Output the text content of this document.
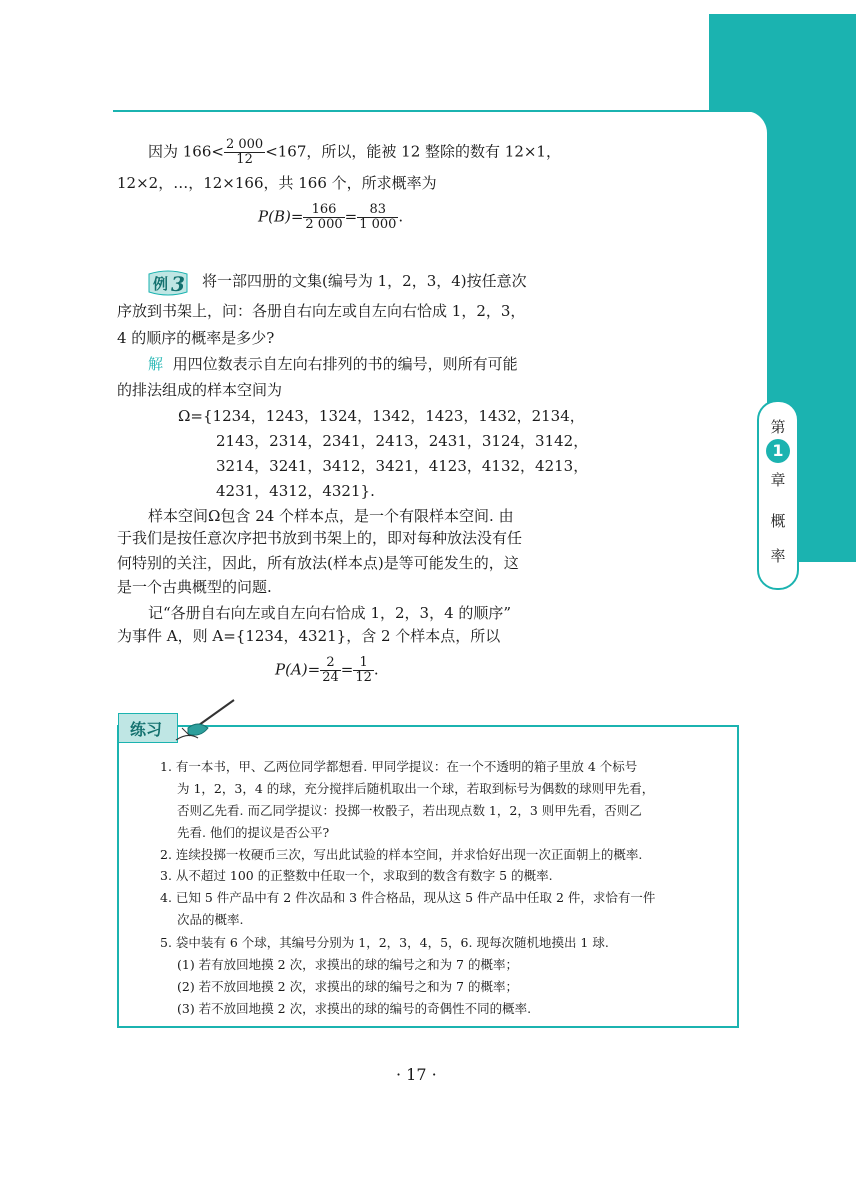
第
1
章
概
率
因为 $166< \frac{2 000}{12} <167$，所以，能被 12 整除的数有 12×1，
12×2，…，12×166，共 166 个，所求概率为
$P(B)= \frac{166}{2 000} = \frac{83}{1 000}$ .
例 3 将一部四册的文集(编号为 1，2，3，4)按任意次
序放到书架上，问：各册自右向左或自左向右恰成 1，2，3，
4 的顺序的概率是多少?
解 用四位数表示自左向右排列的书的编号，则所有可能
的排法组成的样本空间为
Ω={1234，1243，1324，1342，1423，1432，2134，
2143，2314，2341，2413，2431，3124，3142，
3214，3241，3412，3421，4123，4132，4213，
4231，4312，4321}.
样本空间Ω包含 24 个样本点，是一个有限样本空间. 由
于我们是按任意次序把书放到书架上的，即对每种放法没有任
何特别的关注，因此，所有放法(样本点)是等可能发生的，这
是一个古典概型的问题.
记“各册自右向左或自左向右恰成 1，2，3，4 的顺序”
为事件 A，则 A={1234，4321}，含 2 个样本点，所以
$P(A)= \frac{2}{24} = \frac{1}{12}$ .
练习
1. 有一本书，甲、乙两位同学都想看. 甲同学提议：在一个不透明的箱子里放 4 个标号
为 1，2，3，4 的球，充分搅拌后随机取出一个球，若取到标号为偶数的球则甲先看，
否则乙先看. 而乙同学提议：投掷一枚骰子，若出现点数 1，2，3 则甲先看，否则乙
先看. 他们的提议是否公平?
2. 连续投掷一枚硬币三次，写出此试验的样本空间，并求恰好出现一次正面朝上的概率.
3. 从不超过 100 的正整数中任取一个，求取到的数含有数字 5 的概率.
4. 已知 5 件产品中有 2 件次品和 3 件合格品，现从这 5 件产品中任取 2 件，求恰有一件
次品的概率.
5. 袋中装有 6 个球，其编号分别为 1，2，3，4，5，6. 现每次随机地摸出 1 球.
(1) 若有放回地摸 2 次，求摸出的球的编号之和为 7 的概率；
(2) 若不放回地摸 2 次，求摸出的球的编号之和为 7 的概率；
(3) 若不放回地摸 2 次，求摸出的球的编号的奇偶性不同的概率.
· 17 ·
